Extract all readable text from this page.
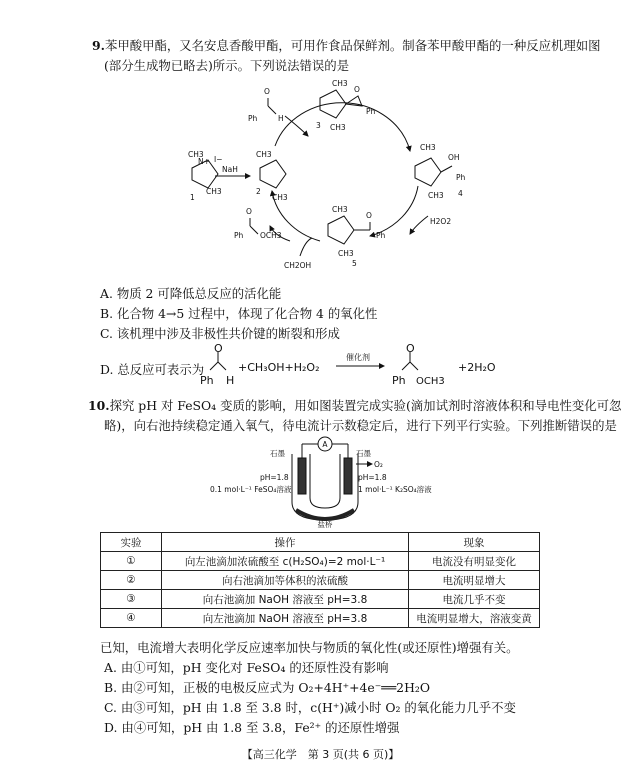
9.苯甲酸甲酯，又名安息香酸甲酯，可用作食品保鲜剂。制备苯甲酸甲酯的一种反应机理如图
(部分生成物已略去)所示。下列说法错误的是
CH3
N+ I−
CH3
1
NaH
CH3
CH3
2
Ph
O
H
CH3
CH3
3
O
Ph
CH3
CH3
OH
Ph
4
H2O2
CH3
CH3
5
O
Ph
Ph
O
OCH3
CH2OH
A. 物质 2 可降低总反应的活化能
B. 化合物 4→5 过程中，体现了化合物 4 的氧化性
C. 该机理中涉及非极性共价键的断裂和形成
D. 总反应可表示为
O
Ph H
+CH₃OH+H₂O₂
催化剂
O
Ph OCH3
+2H₂O
10.探究 pH 对 FeSO₄ 变质的影响，用如图装置完成实验(滴加试剂时溶液体积和导电性变化可忽
略)，向右池持续稳定通入氧气，待电流计示数稳定后，进行下列平行实验。下列推断错误的是
A
石墨	石墨
O₂
pH=1.8	pH=1.8
0.1 mol·L⁻¹ FeSO₄溶液	1 mol·L⁻¹ K₂SO₄溶液
盐桥
实验	操作	现象
①	向左池滴加浓硫酸至 c(H₂SO₄)=2 mol·L⁻¹	电流没有明显变化
②	向右池滴加等体积的浓硫酸	电流明显增大
③	向右池滴加 NaOH 溶液至 pH=3.8	电流几乎不变
④	向左池滴加 NaOH 溶液至 pH=3.8	电流明显增大，溶液变黄
已知，电流增大表明化学反应速率加快与物质的氧化性(或还原性)增强有关。
A. 由①可知，pH 变化对 FeSO₄ 的还原性没有影响
B. 由②可知，正极的电极反应式为 O₂+4H⁺+4e⁻══2H₂O
C. 由③可知，pH 由 1.8 至 3.8 时，c(H⁺)减小时 O₂ 的氧化能力几乎不变
D. 由④可知，pH 由 1.8 至 3.8，Fe²⁺ 的还原性增强
【高三化学　第 3 页(共 6 页)】
